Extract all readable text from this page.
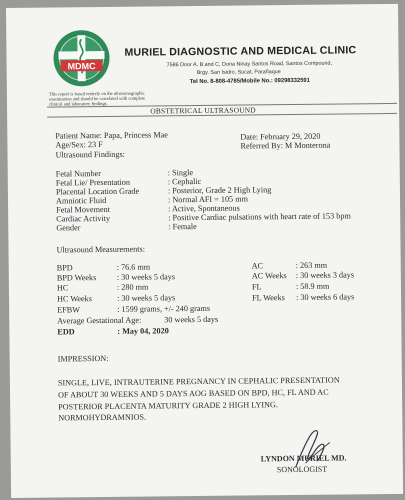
MDMC
MURIEL DIAGNOSTIC AND MEDICAL CLINIC
7586 Door A, B and C, Dona Ninay Santos Road, Santos Compound,
Brgy. San Isidro, Sucat, Parañaque
Tel No. 8-808-4785/Mobile No.: 09298332591
This report is based entirely on the ultrasonographic
examination and should be correlated with complete
clinical and laboratory findings.
OBSTETRICAL ULTRASOUND
Patient Name: Papa, Princess Mae
Age/Sex: 23 F
Date: February 29, 2020
Referred By: M Monterona
Ultrasound Findings:
Fetal Number	: Single
Fetal Lie/ Presentation	: Cephalic
Placental Location Grade	: Posterior, Grade 2 High Lying
Amniotic Fluid	: Normal AFI = 105 mm
Fetal Movement	: Active, Spontaneous
Cardiac Activity	: Positive Cardiac pulsations with heart rate of 153 bpm
Gender	: Female
Ultrasound Measurements:
BPD	: 76.6 mm
BPD Weeks : 30 weeks 5 days
HC	: 280 mm
HC Weeks	: 30 weeks 5 days
EFBW	: 1599 grams, +/- 240 grams
AC	: 263 mm
AC Weeks : 30 weeks 3 days
FL	: 58.9 mm
FL Weeks : 30 weeks 6 days
Average Gestational Age:	30 weeks 5 days
EDD	: May 04, 2020
IMPRESSION:
SINGLE, LIVE, INTRAUTERINE PREGNANCY IN CEPHALIC PRESENTATION
OF ABOUT 30 WEEKS AND 5 DAYS AOG BASED ON BPD, HC, FL AND AC
POSTERIOR PLACENTA MATURITY GRADE 2 HIGH LYING.
NORMOHYDRAMNIOS.
LYNDON MURIEL MD.
SONOLOGIST
